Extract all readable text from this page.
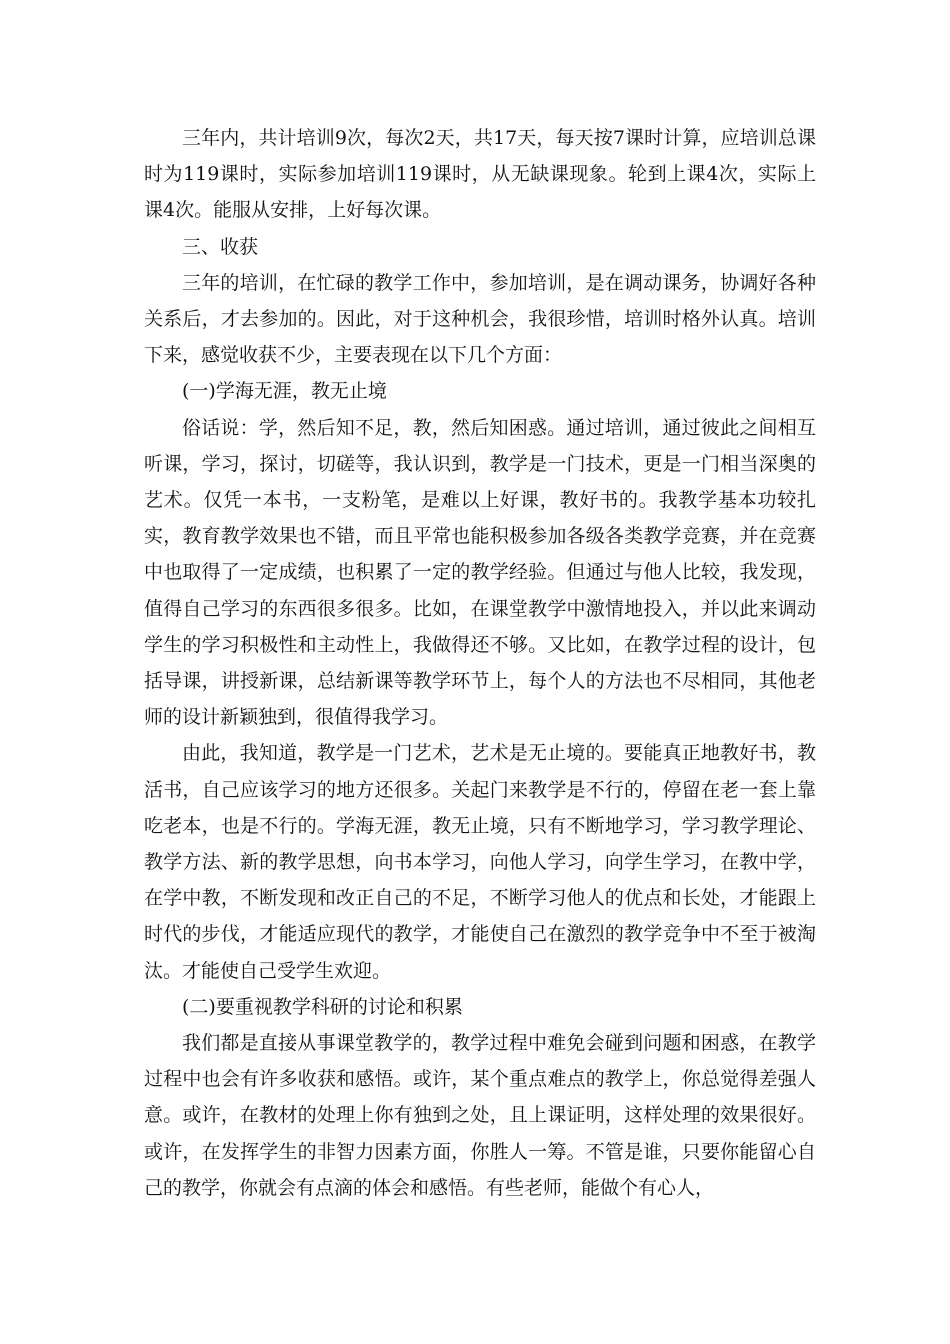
三年内，共计培训9次，每次2天，共17天，每天按7课时计算，应培训总课时为119课时，实际参加培训119课时，从无缺课现象。轮到上课4次，实际上课4次。能服从安排，上好每次课。

三、收获

三年的培训，在忙碌的教学工作中，参加培训，是在调动课务，协调好各种关系后，才去参加的。因此，对于这种机会，我很珍惜，培训时格外认真。培训下来，感觉收获不少，主要表现在以下几个方面：

(一)学海无涯，教无止境

俗话说：学，然后知不足，教，然后知困惑。通过培训，通过彼此之间相互听课，学习，探讨，切磋等，我认识到，教学是一门技术，更是一门相当深奥的艺术。仅凭一本书，一支粉笔，是难以上好课，教好书的。我教学基本功较扎实，教育教学效果也不错，而且平常也能积极参加各级各类教学竞赛，并在竞赛中也取得了一定成绩，也积累了一定的教学经验。但通过与他人比较，我发现，值得自己学习的东西很多很多。比如，在课堂教学中激情地投入，并以此来调动学生的学习积极性和主动性上，我做得还不够。又比如，在教学过程的设计，包括导课，讲授新课，总结新课等教学环节上，每个人的方法也不尽相同，其他老师的设计新颖独到，很值得我学习。

由此，我知道，教学是一门艺术，艺术是无止境的。要能真正地教好书，教活书，自己应该学习的地方还很多。关起门来教学是不行的，停留在老一套上靠吃老本，也是不行的。学海无涯，教无止境，只有不断地学习，学习教学理论、教学方法、新的教学思想，向书本学习，向他人学习，向学生学习，在教中学，在学中教，不断发现和改正自己的不足，不断学习他人的优点和长处，才能跟上时代的步伐，才能适应现代的教学，才能使自己在激烈的教学竞争中不至于被淘汰。才能使自己受学生欢迎。

(二)要重视教学科研的讨论和积累

我们都是直接从事课堂教学的，教学过程中难免会碰到问题和困惑，在教学过程中也会有许多收获和感悟。或许，某个重点难点的教学上，你总觉得差强人意。或许，在教材的处理上你有独到之处，且上课证明，这样处理的效果很好。或许，在发挥学生的非智力因素方面，你胜人一筹。不管是谁，只要你能留心自己的教学，你就会有点滴的体会和感悟。有些老师，能做个有心人，
